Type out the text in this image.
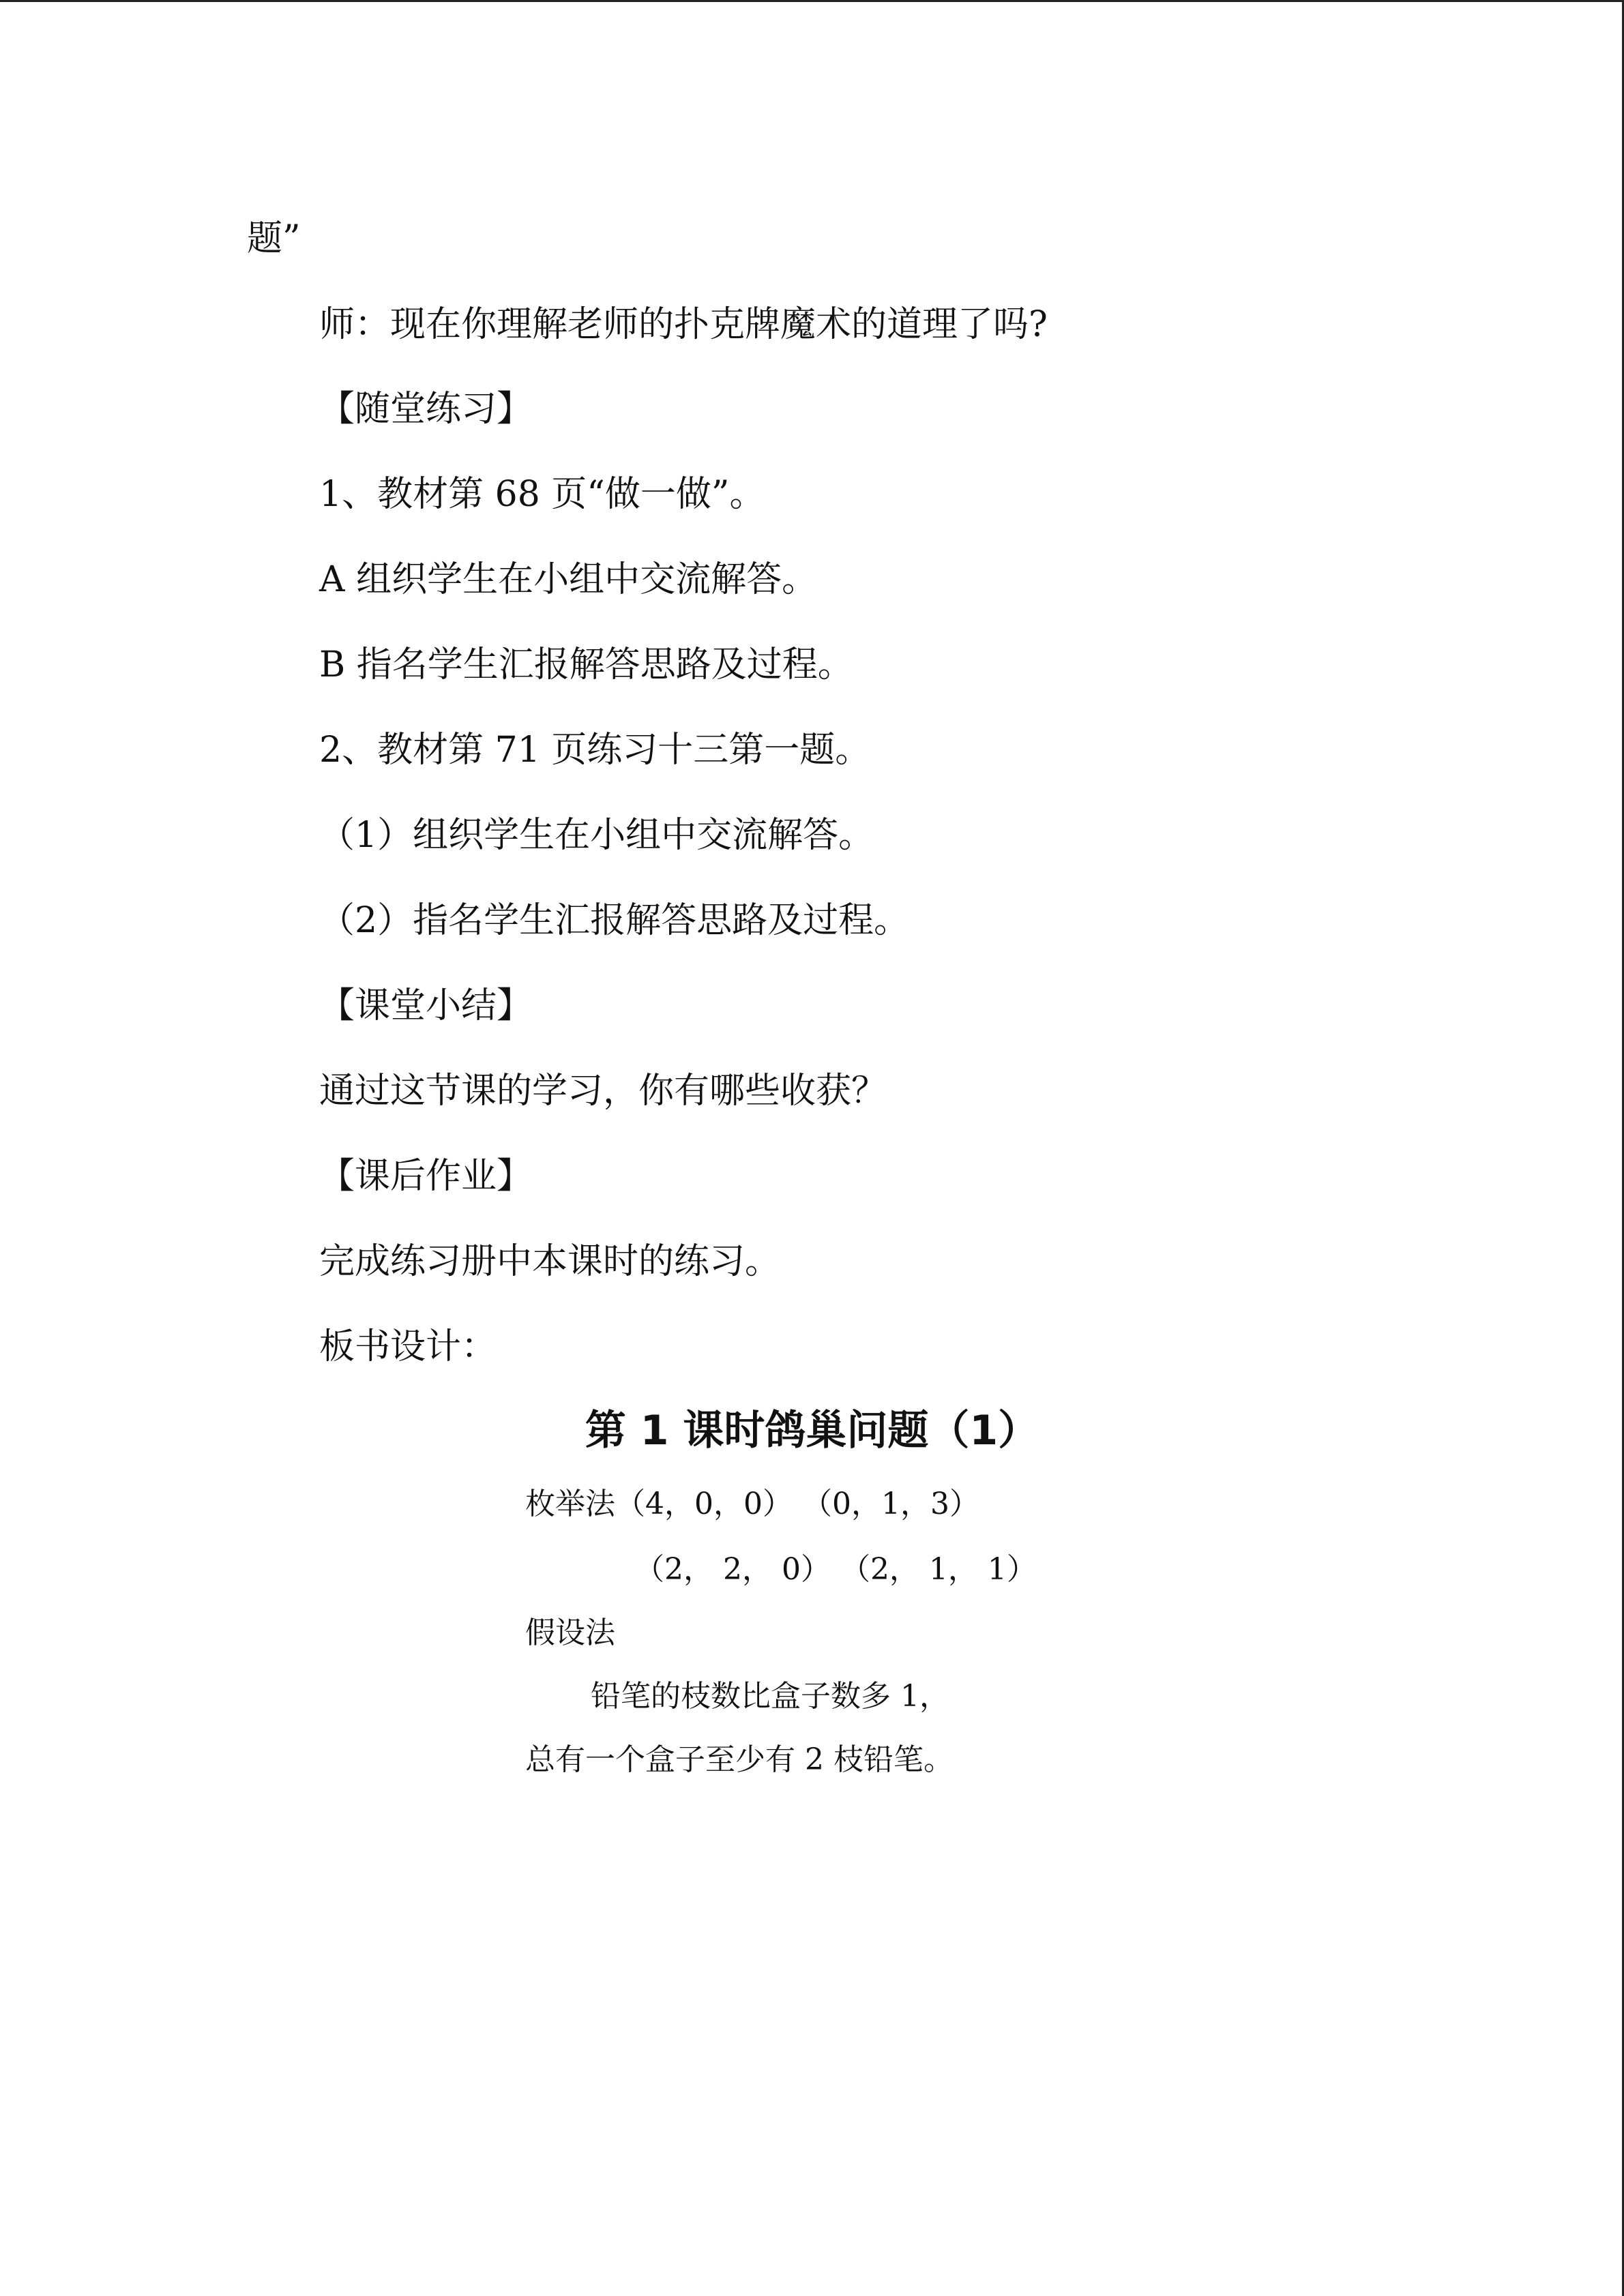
题”
师：现在你理解老师的扑克牌魔术的道理了吗?
【随堂练习】
1、教材第 68 页“做一做”。
A 组织学生在小组中交流解答。
B 指名学生汇报解答思路及过程。
2、教材第 71 页练习十三第一题。
（1）组织学生在小组中交流解答。
（2）指名学生汇报解答思路及过程。
【课堂小结】
通过这节课的学习，你有哪些收获？
【课后作业】
完成练习册中本课时的练习。
板书设计：
第 1 课时鸽巢问题（1）
枚举法（4，0，0） （0，1，3）
（2， 2， 0） （2， 1， 1）
假设法
铅笔的枝数比盒子数多 1，
总有一个盒子至少有 2 枝铅笔。
